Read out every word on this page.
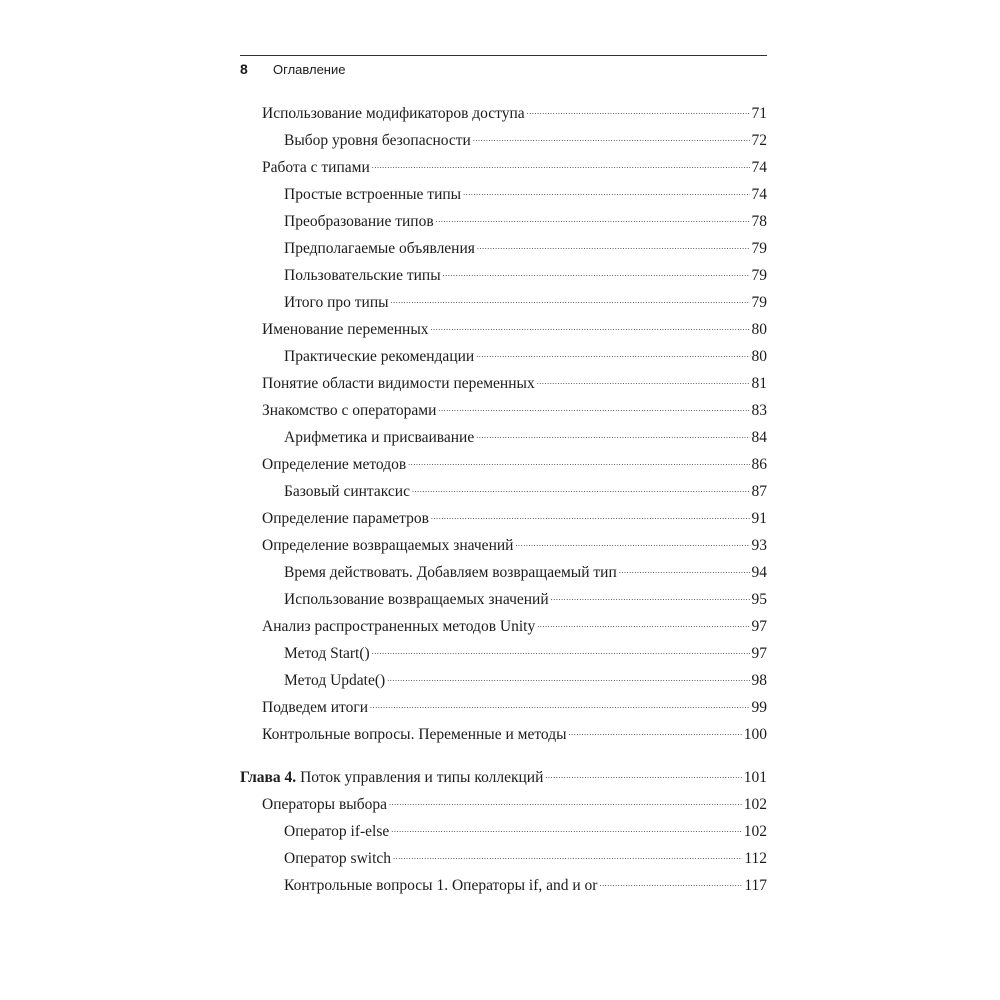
8 Оглавление
Использование модификаторов доступа .....	71
Выбор уровня безопасности .....	72
Работа с типами .....	74
Простые встроенные типы .....	74
Преобразование типов .....	78
Предполагаемые объявления .....	79
Пользовательские типы .....	79
Итого про типы .....	79
Именование переменных .....	80
Практические рекомендации .....	80
Понятие области видимости переменных .....	81
Знакомство с операторами .....	83
Арифметика и присваивание .....	84
Определение методов .....	86
Базовый синтаксис .....	87
Определение параметров .....	91
Определение возвращаемых значений .....	93
Время действовать. Добавляем возвращаемый тип .....	94
Использование возвращаемых значений .....	95
Анализ распространенных методов Unity .....	97
Метод Start() .....	97
Метод Update() .....	98
Подведем итоги .....	99
Контрольные вопросы. Переменные и методы .....	100
Глава 4. Поток управления и типы коллекций .....	101
Операторы выбора .....	102
Оператор if-else .....	102
Оператор switch .....	112
Контрольные вопросы 1. Операторы if, and и or .....	117
